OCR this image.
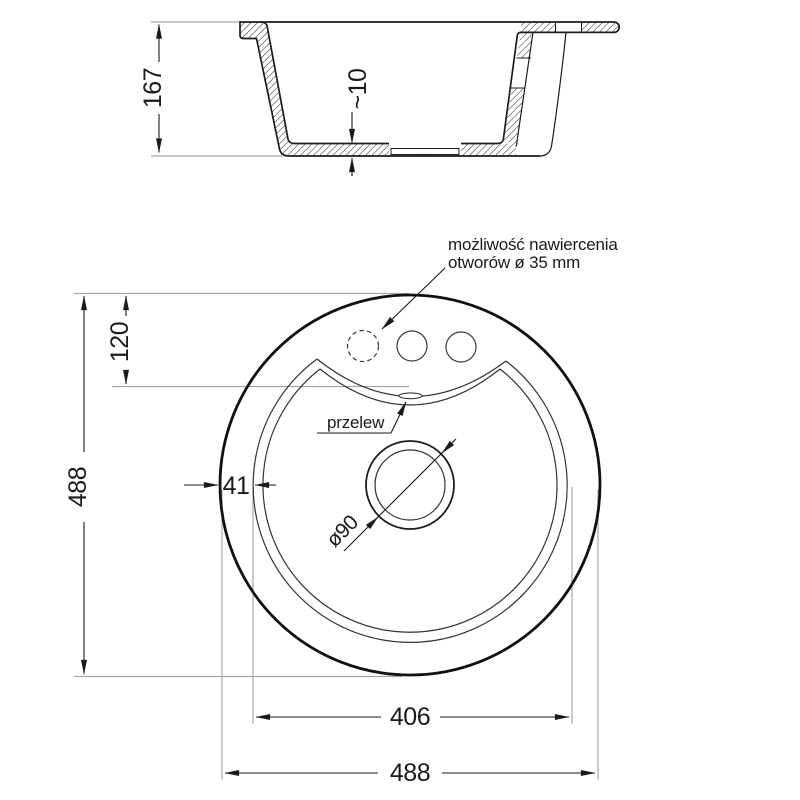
167	~10
488
120
41
406
488
ø90
przelew
możliwość nawiercenia
otworów ø 35 mm
